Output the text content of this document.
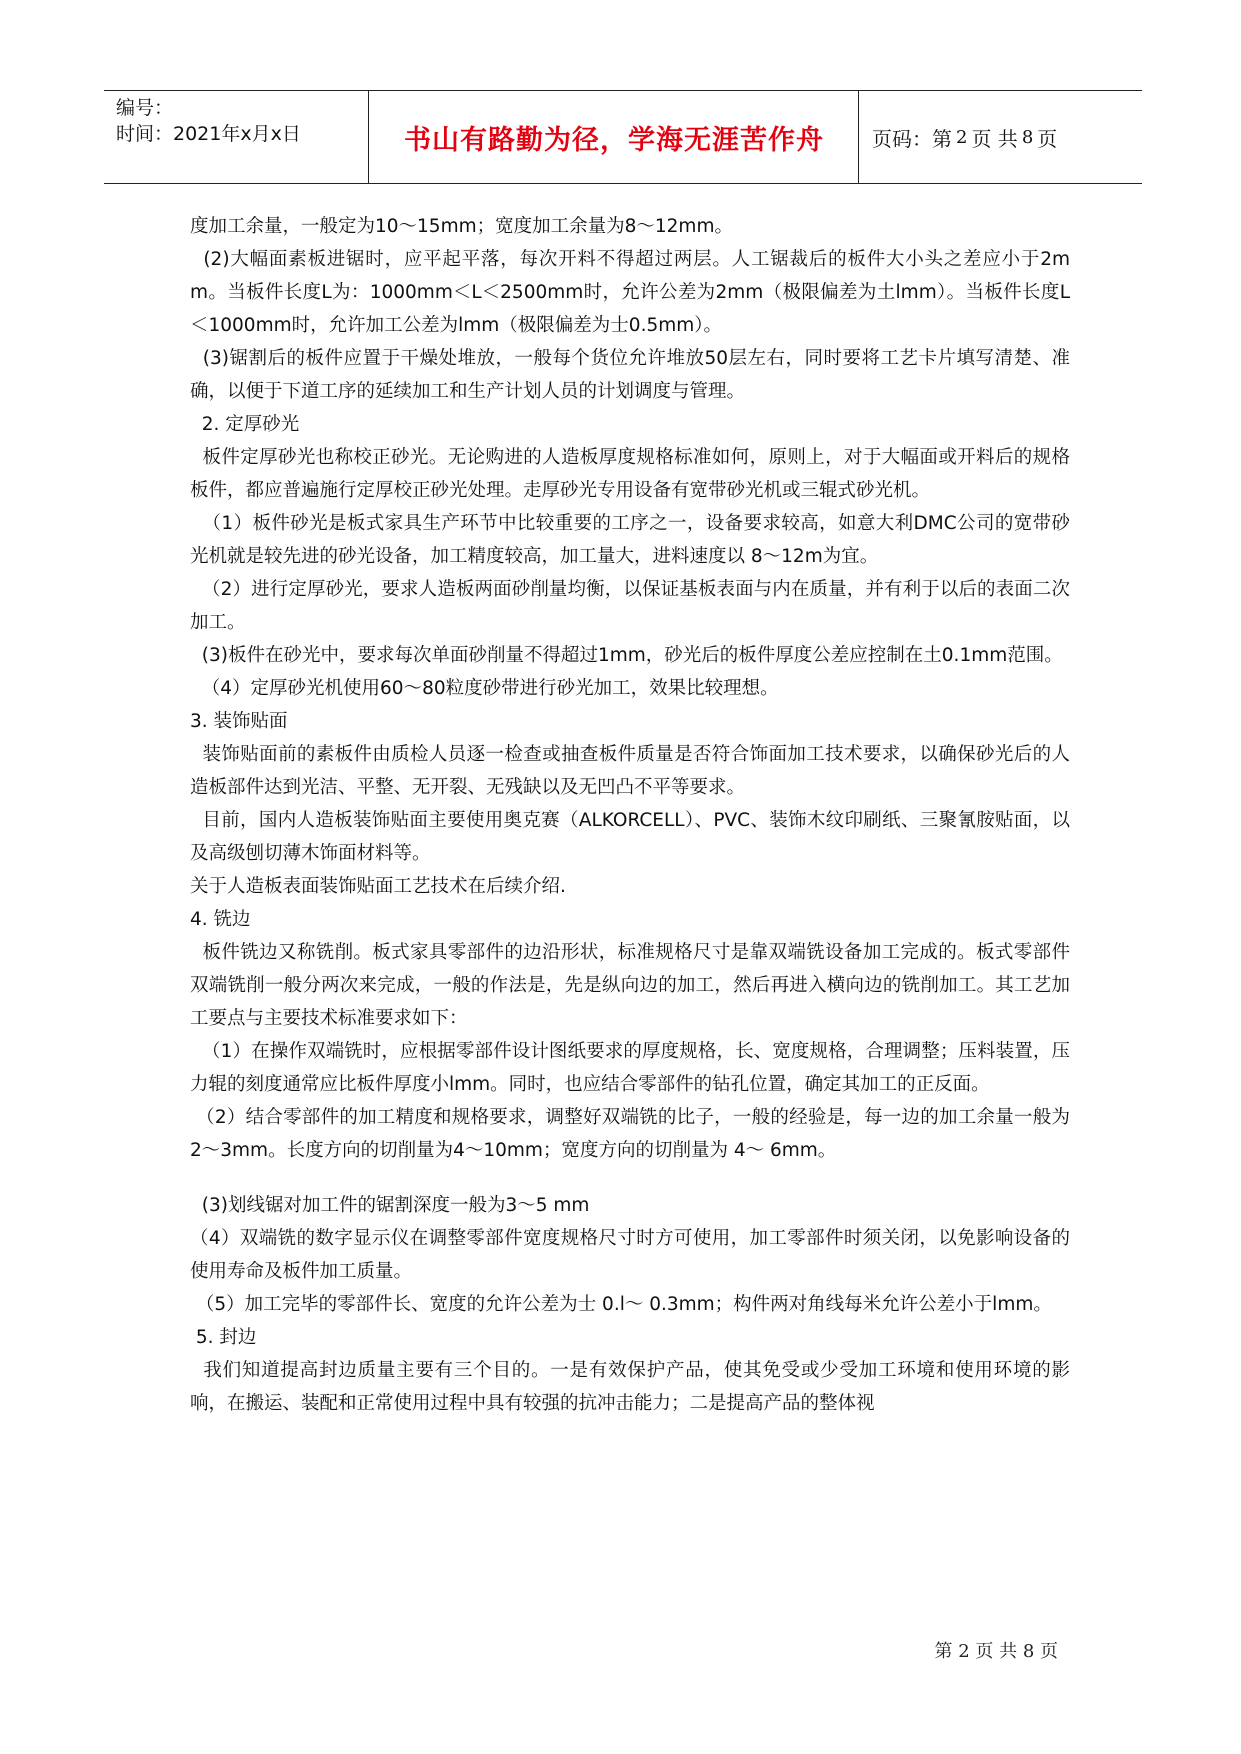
编号：
时间：2021年x月x日	书山有路勤为径，学海无涯苦作舟	页码：第 2 页 共 8 页

度加工余量，一般定为10～15mm；宽度加工余量为8～12mm。

(2)大幅面素板进锯时，应平起平落，每次开料不得超过两层。人工锯裁后的板件大小头之差应小于2mm。当板件长度L为：1000mm＜L＜2500mm时，允许公差为2mm（极限偏差为土lmm）。当板件长度L＜1000mm时，允许加工公差为lmm（极限偏差为士0.5mm）。

(3)锯割后的板件应置于干燥处堆放，一般每个货位允许堆放50层左右，同时要将工艺卡片填写清楚、准确，以便于下道工序的延续加工和生产计划人员的计划调度与管理。

2. 定厚砂光

板件定厚砂光也称校正砂光。无论购进的人造板厚度规格标准如何，原则上，对于大幅面或开料后的规格板件，都应普遍施行定厚校正砂光处理。走厚砂光专用设备有宽带砂光机或三辊式砂光机。

（1）板件砂光是板式家具生产环节中比较重要的工序之一，设备要求较高，如意大利DMC公司的宽带砂光机就是较先进的砂光设备，加工精度较高，加工量大，进料速度以 8～12m为宜。

（2）进行定厚砂光，要求人造板两面砂削量均衡，以保证基板表面与内在质量，并有利于以后的表面二次加工。

(3)板件在砂光中，要求每次单面砂削量不得超过1mm，砂光后的板件厚度公差应控制在土0.1mm范围。

（4）定厚砂光机使用60～80粒度砂带进行砂光加工，效果比较理想。

3. 装饰贴面

装饰贴面前的素板件由质检人员逐一检查或抽查板件质量是否符合饰面加工技术要求，以确保砂光后的人造板部件达到光洁、平整、无开裂、无残缺以及无凹凸不平等要求。

目前，国内人造板装饰贴面主要使用奥克赛（ALKORCELL）、PVC、装饰木纹印刷纸、三聚氰胺贴面，以及高级刨切薄木饰面材料等。

关于人造板表面装饰贴面工艺技术在后续介绍.

4. 铣边

板件铣边又称铣削。板式家具零部件的边沿形状，标准规格尺寸是靠双端铣设备加工完成的。板式零部件双端铣削一般分两次来完成，一般的作法是，先是纵向边的加工，然后再进入横向边的铣削加工。其工艺加工要点与主要技术标准要求如下：

（1）在操作双端铣时，应根据零部件设计图纸要求的厚度规格，长、宽度规格，合理调整；压料装置，压力辊的刻度通常应比板件厚度小lmm。同时，也应结合零部件的钻孔位置，确定其加工的正反面。

（2）结合零部件的加工精度和规格要求，调整好双端铣的比子，一般的经验是，每一边的加工余量一般为2～3mm。长度方向的切削量为4～10mm；宽度方向的切削量为 4～ 6mm。

(3)划线锯对加工件的锯割深度一般为3～5 mm

（4）双端铣的数字显示仪在调整零部件宽度规格尺寸时方可使用，加工零部件时须关闭，以免影响设备的使用寿命及板件加工质量。

（5）加工完毕的零部件长、宽度的允许公差为士 0.l～ 0.3mm；构件两对角线每米允许公差小于lmm。

5. 封边

我们知道提高封边质量主要有三个目的。一是有效保护产品，使其免受或少受加工环境和使用环境的影响，在搬运、装配和正常使用过程中具有较强的抗冲击能力；二是提高产品的整体视

第 2 页 共 8 页
